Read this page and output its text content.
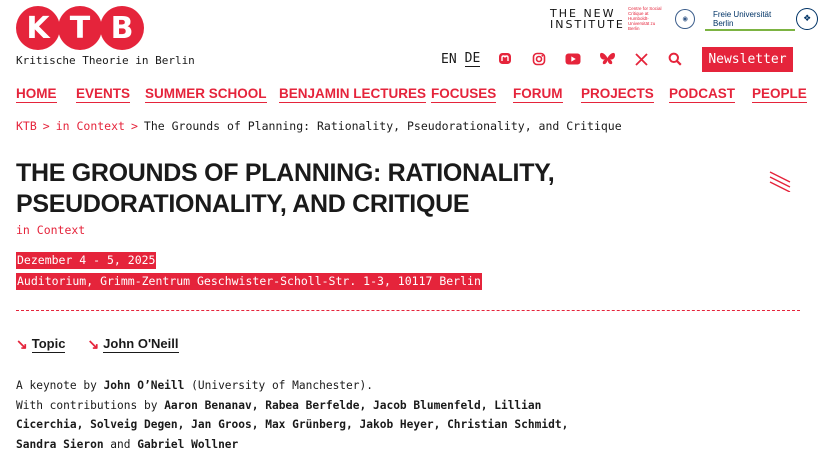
K T B
Kritische Theorie in Berlin
THE NEW INSTITUTE
Centre for Social Critique at Humboldt-Universität zu Berlin
◉	Freie Universität Berlin	❖
EN DE	Newsletter
HOME EVENTS SUMMER SCHOOL BENJAMIN LECTURES FOCUSES FORUM PROJECTS PODCAST PEOPLE
KTB > in Context > The Grounds of Planning: Rationality, Pseudorationality, and Critique
THE GROUNDS OF PLANNING: RATIONALITY, PSEUDORATIONALITY, AND CRITIQUE
in Context
Dezember 4 - 5, 2025
Auditorium, Grimm-Zentrum Geschwister-Scholl-Str. 1-3, 10117 Berlin
↘ Topic ↘ John O'Neill
A keynote by John O’Neill (University of Manchester).
With contributions by Aaron Benanav, Rabea Berfelde, Jacob Blumenfeld, Lillian
Cicerchia, Solveig Degen, Jan Groos, Max Grünberg, Jakob Heyer, Christian Schmidt,
Sandra Sieron and Gabriel Wollner
